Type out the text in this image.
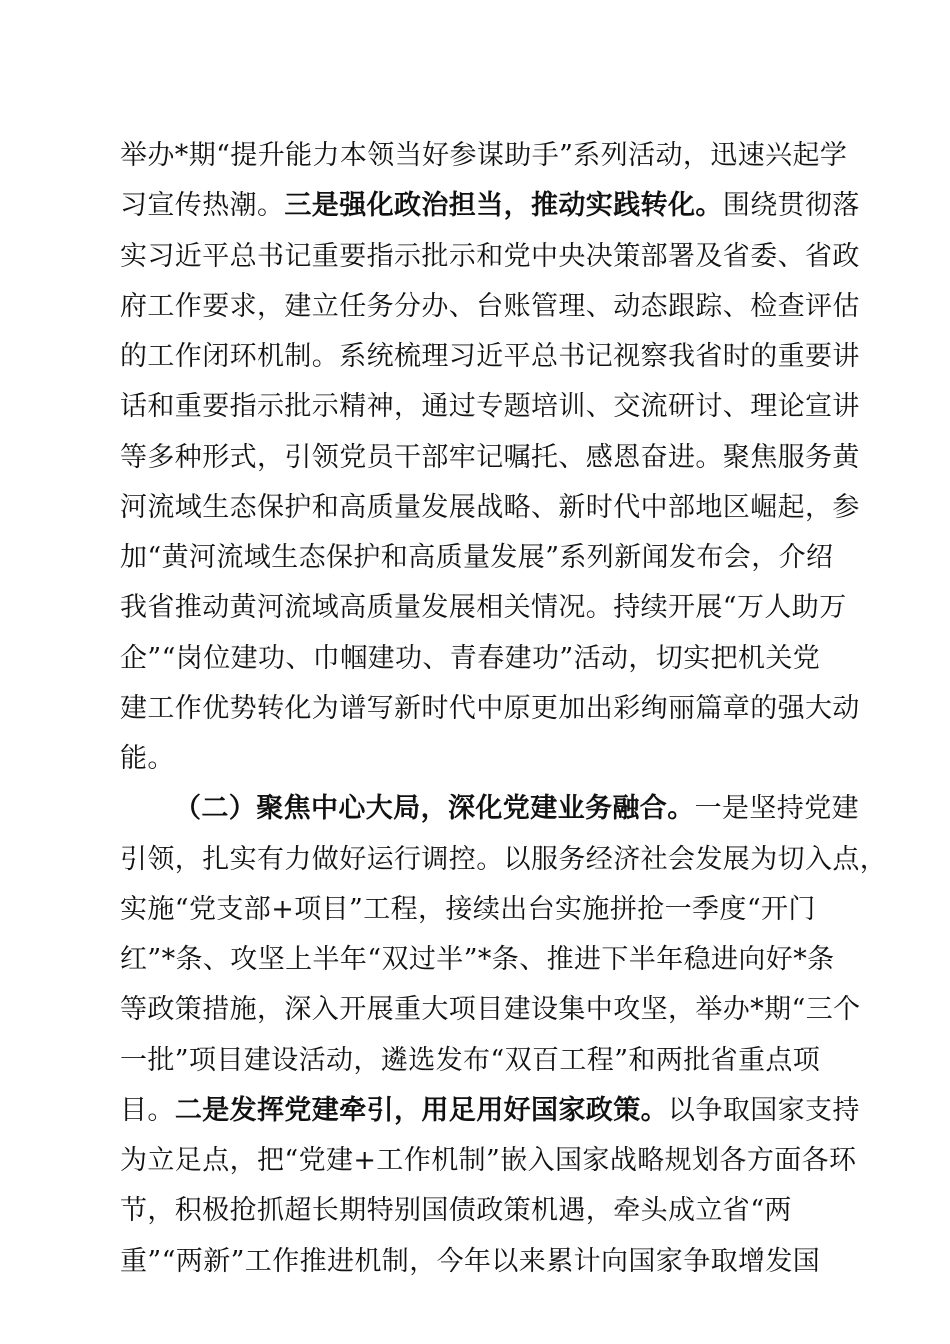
举办*期“提升能力本领当好参谋助手”系列活动，迅速兴起学
习宣传热潮。三是强化政治担当，推动实践转化。围绕贯彻落
实习近平总书记重要指示批示和党中央决策部署及省委、省政
府工作要求，建立任务分办、台账管理、动态跟踪、检查评估
的工作闭环机制。系统梳理习近平总书记视察我省时的重要讲
话和重要指示批示精神，通过专题培训、交流研讨、理论宣讲
等多种形式，引领党员干部牢记嘱托、感恩奋进。聚焦服务黄
河流域生态保护和高质量发展战略、新时代中部地区崛起，参
加“黄河流域生态保护和高质量发展”系列新闻发布会，介绍
我省推动黄河流域高质量发展相关情况。持续开展“万人助万
企”“岗位建功、巾帼建功、青春建功”活动，切实把机关党
建工作优势转化为谱写新时代中原更加出彩绚丽篇章的强大动
能。
（二）聚焦中心大局，深化党建业务融合。一是坚持党建
引领，扎实有力做好运行调控。以服务经济社会发展为切入点，
实施“党支部+项目”工程，接续出台实施拼抢一季度“开门
红”*条、攻坚上半年“双过半”*条、推进下半年稳进向好*条
等政策措施，深入开展重大项目建设集中攻坚，举办*期“三个
一批”项目建设活动，遴选发布“双百工程”和两批省重点项
目。二是发挥党建牵引，用足用好国家政策。以争取国家支持
为立足点，把“党建+工作机制”嵌入国家战略规划各方面各环
节，积极抢抓超长期特别国债政策机遇，牵头成立省“两
重”“两新”工作推进机制，今年以来累计向国家争取增发国
